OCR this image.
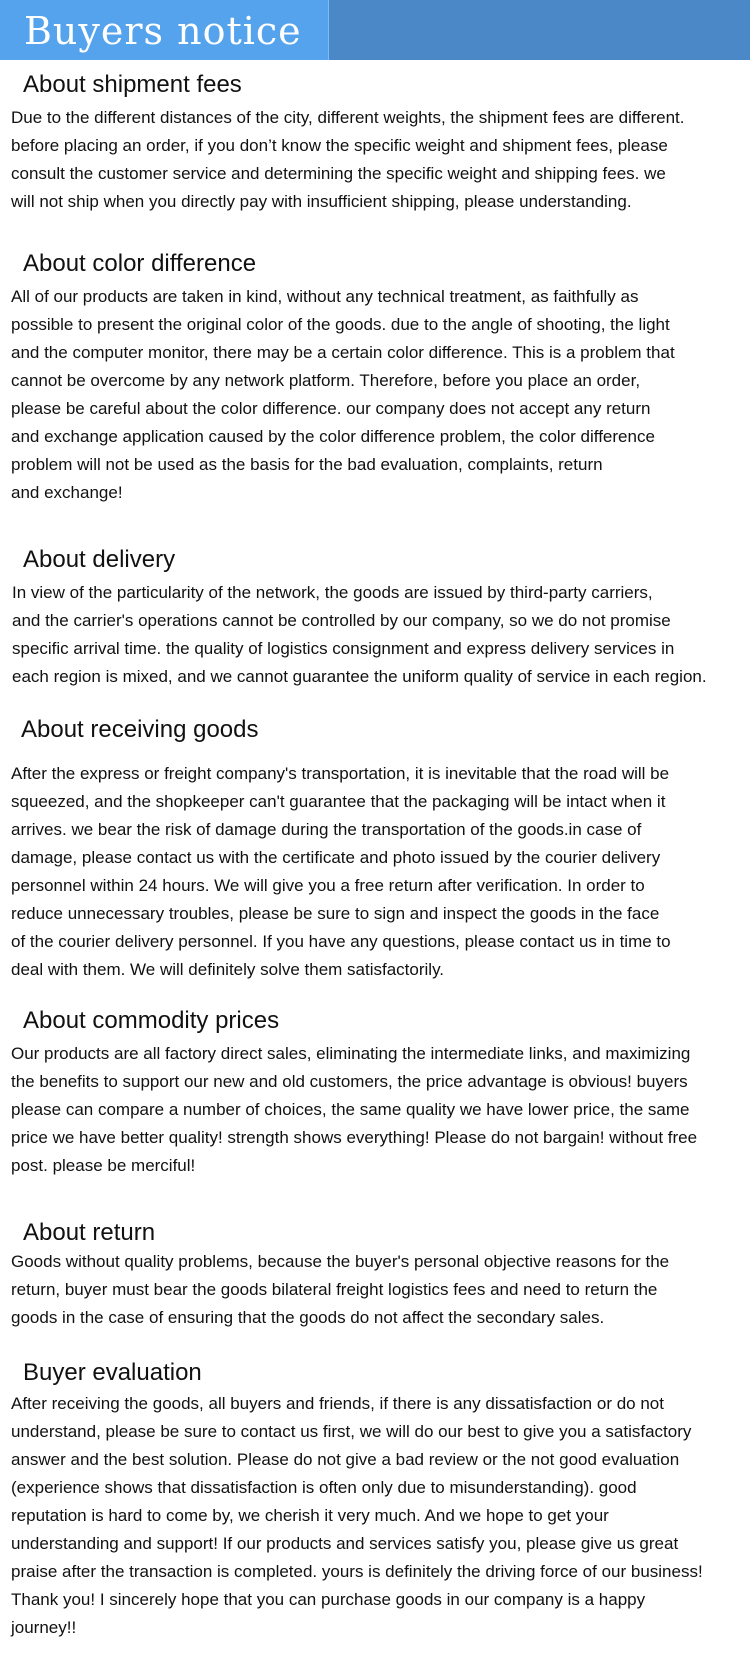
Buyers notice
About shipment fees

Due to the different distances of the city, different weights, the shipment fees are different.
before placing an order, if you don’t know the specific weight and shipment fees, please
consult the customer service and determining the specific weight and shipping fees. we
will not ship when you directly pay with insufficient shipping, please understanding.

About color difference

All of our products are taken in kind, without any technical treatment, as faithfully as
possible to present the original color of the goods. due to the angle of shooting, the light
and the computer monitor, there may be a certain color difference. This is a problem that
cannot be overcome by any network platform. Therefore, before you place an order,
please be careful about the color difference. our company does not accept any return
and exchange application caused by the color difference problem, the color difference
problem will not be used as the basis for the bad evaluation, complaints, return
and exchange!

About delivery

In view of the particularity of the network, the goods are issued by third-party carriers,
and the carrier's operations cannot be controlled by our company, so we do not promise
specific arrival time. the quality of logistics consignment and express delivery services in
each region is mixed, and we cannot guarantee the uniform quality of service in each region.

About receiving goods

After the express or freight company's transportation, it is inevitable that the road will be
squeezed, and the shopkeeper can't guarantee that the packaging will be intact when it
arrives. we bear the risk of damage during the transportation of the goods.in case of
damage, please contact us with the certificate and photo issued by the courier delivery
personnel within 24 hours. We will give you a free return after verification. In order to
reduce unnecessary troubles, please be sure to sign and inspect the goods in the face
of the courier delivery personnel. If you have any questions, please contact us in time to
deal with them. We will definitely solve them satisfactorily.

About commodity prices

Our products are all factory direct sales, eliminating the intermediate links, and maximizing
the benefits to support our new and old customers, the price advantage is obvious! buyers
please can compare a number of choices, the same quality we have lower price, the same
price we have better quality! strength shows everything! Please do not bargain! without free
post. please be merciful!

About return

Goods without quality problems, because the buyer's personal objective reasons for the
return, buyer must bear the goods bilateral freight logistics fees and need to return the
goods in the case of ensuring that the goods do not affect the secondary sales.

Buyer evaluation

After receiving the goods, all buyers and friends, if there is any dissatisfaction or do not
understand, please be sure to contact us first, we will do our best to give you a satisfactory
answer and the best solution. Please do not give a bad review or the not good evaluation
(experience shows that dissatisfaction is often only due to misunderstanding). good
reputation is hard to come by, we cherish it very much. And we hope to get your
understanding and support! If our products and services satisfy you, please give us great
praise after the transaction is completed. yours is definitely the driving force of our business!
Thank you! I sincerely hope that you can purchase goods in our company is a happy
journey!!
